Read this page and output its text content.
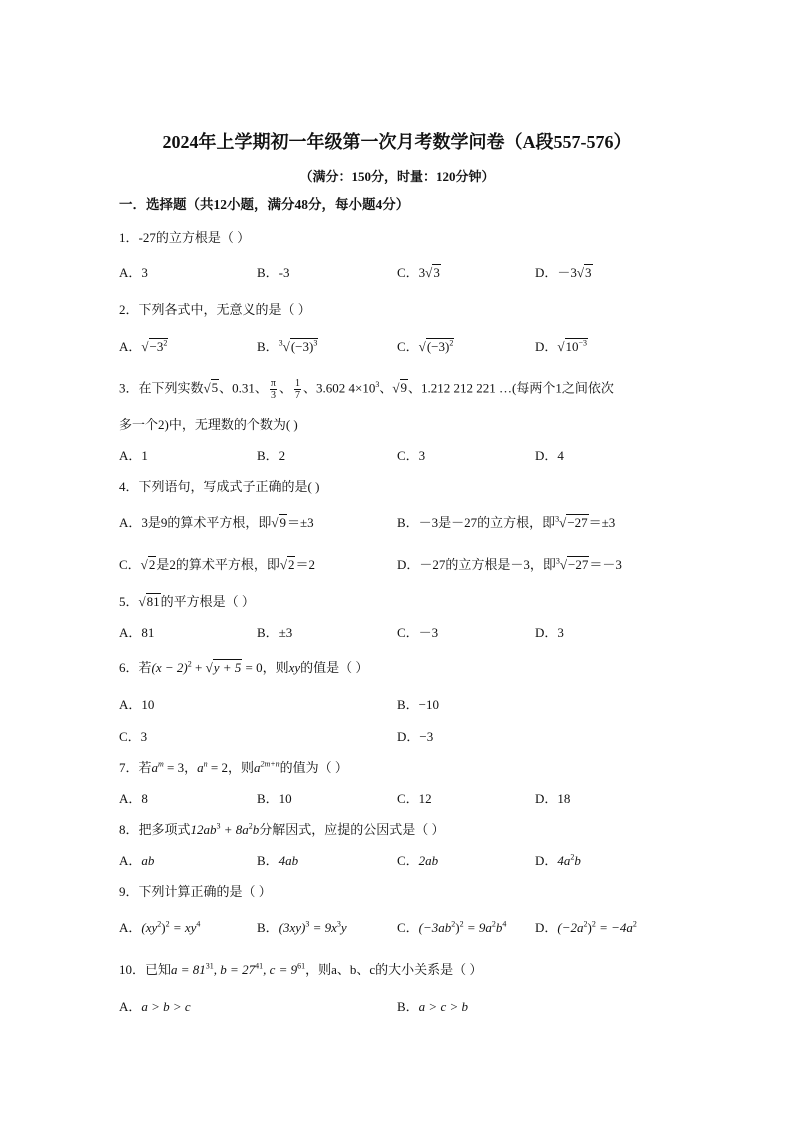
2024年上学期初一年级第一次月考数学问卷（A段557-576）
（满分：150分，时量：120分钟）
一．选择题（共12小题，满分48分，每小题4分）
1．-27的立方根是（ ）
A．3	B．-3	C．3√3	D．－3√3
2．下列各式中，无意义的是（ ）
A．$√-3^2$	B．$^3√(-3)^3$	C．$√(-3)^2$	D．$√10^{-3}$
3．在下列实数√5、0.31、 $\frac{\pi}{3}$ 、 $\frac{1}{7}$ 、3.602 $4\times 10^3$、√9、1.212 212 221 …(每两个1之间依次
多一个2)中，无理数的个数为( )
A．1	B．2	C．3	D．4
4．下列语句，写成式子正确的是( )
A．3是9的算术平方根，即√9＝±3	B．－3是－27的立方根，即$^3$√−27＝±3
C．√2是2的算术平方根，即√2＝2	D．－27的立方根是－3，即$^3$√−27＝－3
5．√81的平方根是（ ）
A．81	B．±3	C．－3	D．3
6．若$(x - 2)^2 + √y + 5 = 0$，则xy的值是（ ）
A．10	B．−10
C．3	D．−3
7．若$a^m = 3$，$a^n = 2$，则$a^{2m+n}$的值为（ ）
A．8	B．10	C．12	D．18
8．把多项式$12ab^3 + 8a^2b$分解因式，应提的公因式是（ ）
A．ab	B．4ab	C．2ab	D．$4a^2b$
9．下列计算正确的是（ ）
A．$(xy^2)^2 = xy^4$	B．$(3xy)^3 = 9x^3y$	C．$(-3ab^2)^2 = 9a^2b^4$ D．$(-2a^2)^2 = -4a^2$
10．已知$a = 81^{31}$, $b = 27^{41}$, $c = 9^{61}$，则a、b、c的大小关系是（ ）
A．a > b > c	B．a > c > b
